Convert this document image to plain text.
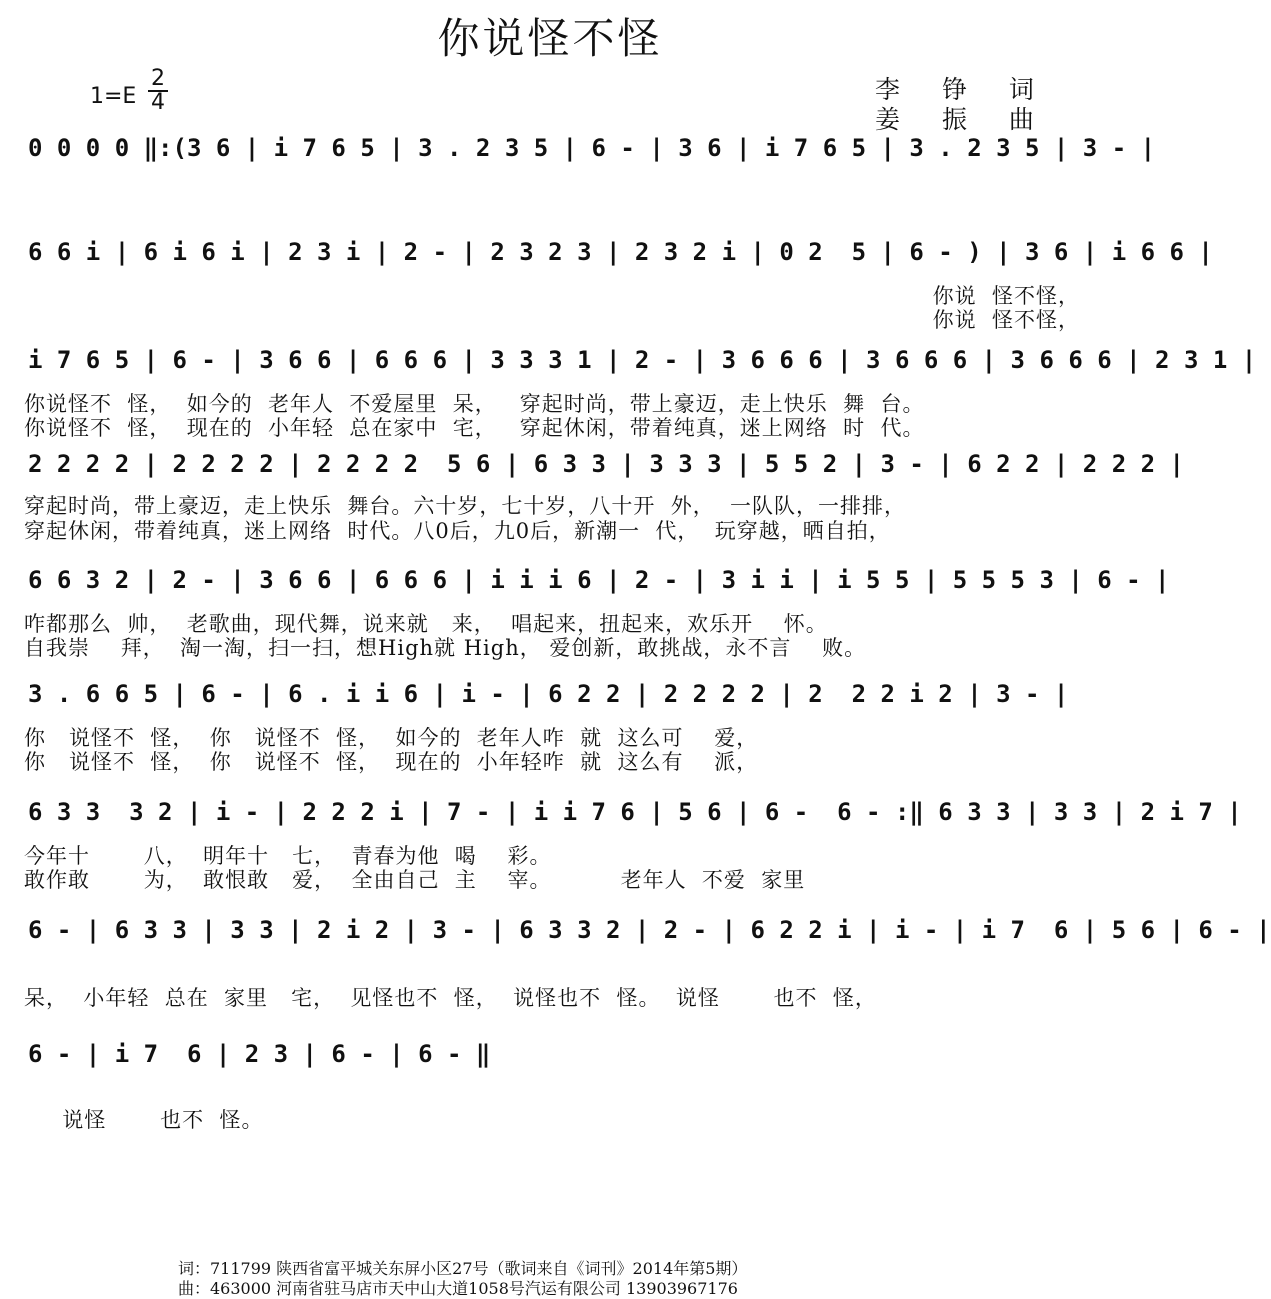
你说怪不怪
1=E
2
4	李 铮 词
姜 振 曲
0 0 0 0 ‖:(3 6 | i 7 6 5 | 3 . 2 3 5 | 6 - | 3 6 | i 7 6 5 | 3 . 2 3 5 | 3 - |
6 6 i | 6 i 6 i | 2 3 i | 2 - | 2 3 2 3 | 2 3 2 i | 0 2  5 | 6 - ) | 3 6 | i 6 6 |
你说  怪不怪，
你说  怪不怪，
i 7 6 5 | 6 - | 3 6 6 | 6 6 6 | 3 3 3 1 | 2 - | 3 6 6 6 | 3 6 6 6 | 3 6 6 6 | 2 3 1 |
你说怪不  怪，  如今的  老年人  不爱屋里  呆，   穿起时尚，带上豪迈，走上快乐  舞  台。
你说怪不  怪，  现在的  小年轻  总在家中  宅，   穿起休闲，带着纯真，迷上网络  时  代。
2 2 2 2 | 2 2 2 2 | 2 2 2 2  5 6 | 6 3 3 | 3 3 3 | 5 5 2 | 3 - | 6 2 2 | 2 2 2 |
穿起时尚，带上豪迈，走上快乐  舞台。六十岁，七十岁，八十开  外，  一队队，一排排，
穿起休闲，带着纯真，迷上网络  时代。八0后，九0后，新潮一  代，  玩穿越，晒自拍，
6 6 3 2 | 2 - | 3 6 6 | 6 6 6 | i i i 6 | 2 - | 3 i i | i 5 5 | 5 5 5 3 | 6 - |
咋都那么  帅，  老歌曲，现代舞，说来就   来，  唱起来，扭起来，欢乐开    怀。
自我崇    拜，  淘一淘，扫一扫，想High就 High， 爱创新，敢挑战，永不言    败。
3 . 6 6 5 | 6 - | 6 . i i 6 | i - | 6 2 2 | 2 2 2 2 | 2  2 2 i 2 | 3 - |
你   说怪不  怪，  你   说怪不  怪，  如今的  老年人咋  就  这么可    爱，
你   说怪不  怪，  你   说怪不  怪，  现在的  小年轻咋  就  这么有    派，
6 3 3  3 2 | i - | 2 2 2 i | 7 - | i i 7 6 | 5 6 | 6 -  6 - :‖ 6 3 3 | 3 3 | 2 i 7 |
今年十       八，  明年十   七，  青春为他  喝    彩。
敢作敢       为，  敢恨敢   爱，  全由自己  主    宰。         老年人  不爱  家里
6 - | 6 3 3 | 3 3 | 2 i 2 | 3 - | 6 3 3 2 | 2 - | 6 2 2 i | i - | i 7  6 | 5 6 | 6 - |
呆，  小年轻  总在  家里   宅，  见怪也不  怪，  说怪也不  怪。  说怪       也不  怪，
6 - | i 7  6 | 2 3 | 6 - | 6 - ‖
说怪       也不  怪。
词：711799 陕西省富平城关东屏小区27号（歌词来自《词刊》2014年第5期）
曲：463000 河南省驻马店市天中山大道1058号汽运有限公司 13903967176
